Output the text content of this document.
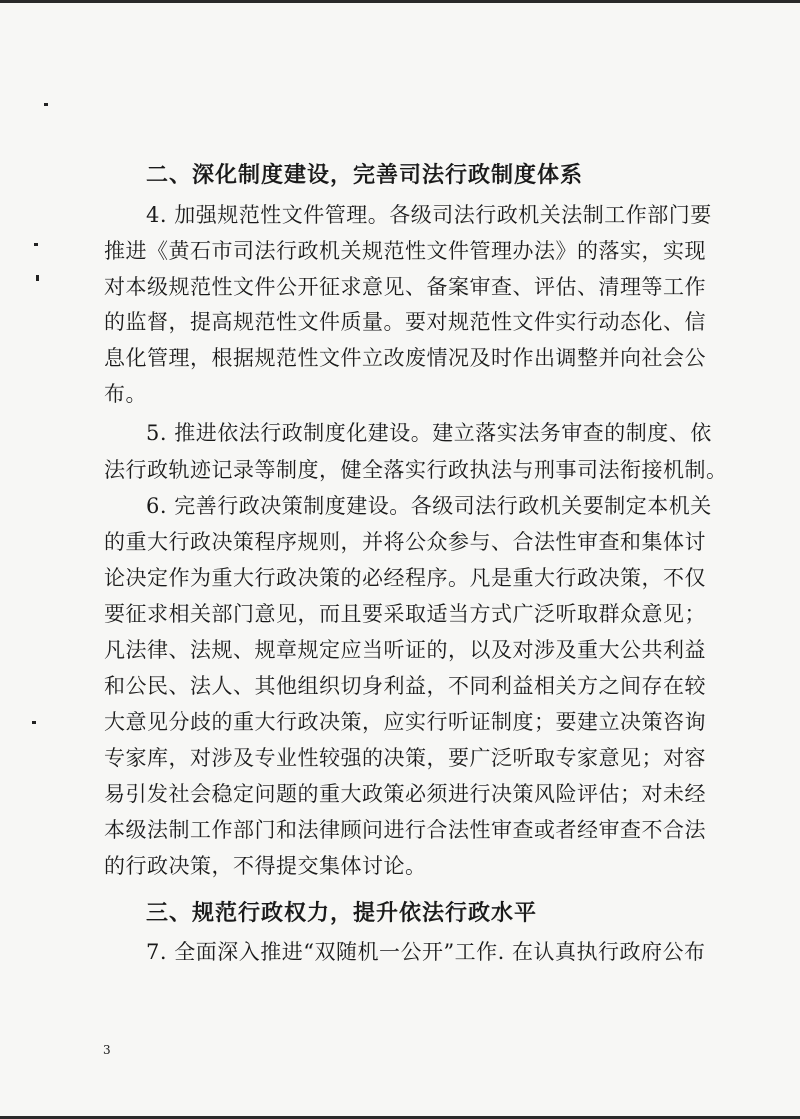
二、深化制度建设，完善司法行政制度体系
4. 加强规范性文件管理。各级司法行政机关法制工作部门要
推进《黄石市司法行政机关规范性文件管理办法》的落实，实现
对本级规范性文件公开征求意见、备案审查、评估、清理等工作
的监督，提高规范性文件质量。要对规范性文件实行动态化、信
息化管理，根据规范性文件立改废情况及时作出调整并向社会公
布。
5. 推进依法行政制度化建设。建立落实法务审查的制度、依
法行政轨迹记录等制度，健全落实行政执法与刑事司法衔接机制。
6. 完善行政决策制度建设。各级司法行政机关要制定本机关
的重大行政决策程序规则，并将公众参与、合法性审查和集体讨
论决定作为重大行政决策的必经程序。凡是重大行政决策，不仅
要征求相关部门意见，而且要采取适当方式广泛听取群众意见；
凡法律、法规、规章规定应当听证的，以及对涉及重大公共利益
和公民、法人、其他组织切身利益，不同利益相关方之间存在较
大意见分歧的重大行政决策，应实行听证制度；要建立决策咨询
专家库，对涉及专业性较强的决策，要广泛听取专家意见；对容
易引发社会稳定问题的重大政策必须进行决策风险评估；对未经
本级法制工作部门和法律顾问进行合法性审查或者经审查不合法
的行政决策，不得提交集体讨论。
三、规范行政权力，提升依法行政水平
7. 全面深入推进“双随机一公开”工作. 在认真执行政府公布
3
